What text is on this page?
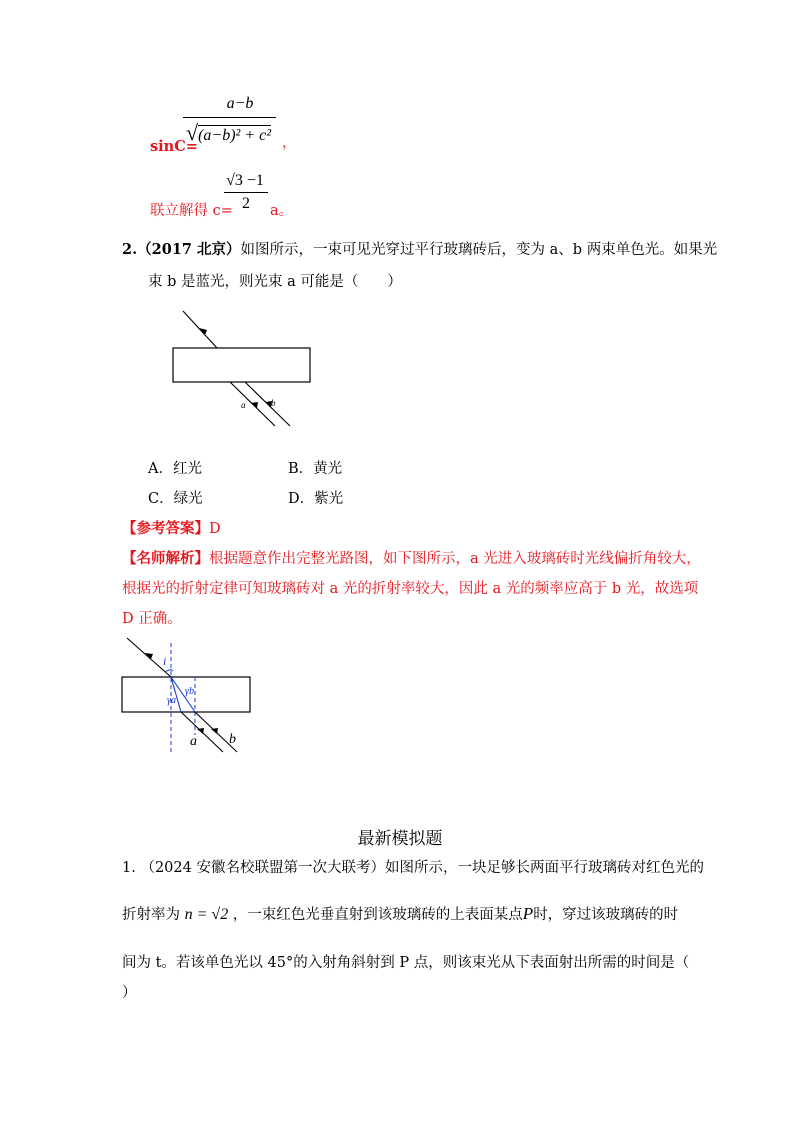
a−b
√(a−b)² + c²
sinC=	，
√3 −1
2
联立解得 c=	a。
2.（2017 北京）如图所示，一束可见光穿过平行玻璃砖后，变为 a、b 两束单色光。如果光
束 b 是蓝光，则光束 a 可能是（　　）
a	b
A．红光	B．黄光
C．绿光	D．紫光
【参考答案】D
【名师解析】根据题意作出完整光路图，如下图所示，a 光进入玻璃砖时光线偏折角较大，
根据光的折射定律可知玻璃砖对 a 光的折射率较大，因此 a 光的频率应高于 b 光，故选项
D 正确。
i
γb
γa
a b
最新模拟题
1. （2024 安徽名校联盟第一次大联考）如图所示，一块足够长两面平行玻璃砖对红色光的
折射率为 n = √2 ，一束红色光垂直射到该玻璃砖的上表面某点P时，穿过该玻璃砖的时
间为 t。若该单色光以 45°的入射角斜射到 P 点，则该束光从下表面射出所需的时间是（
）
